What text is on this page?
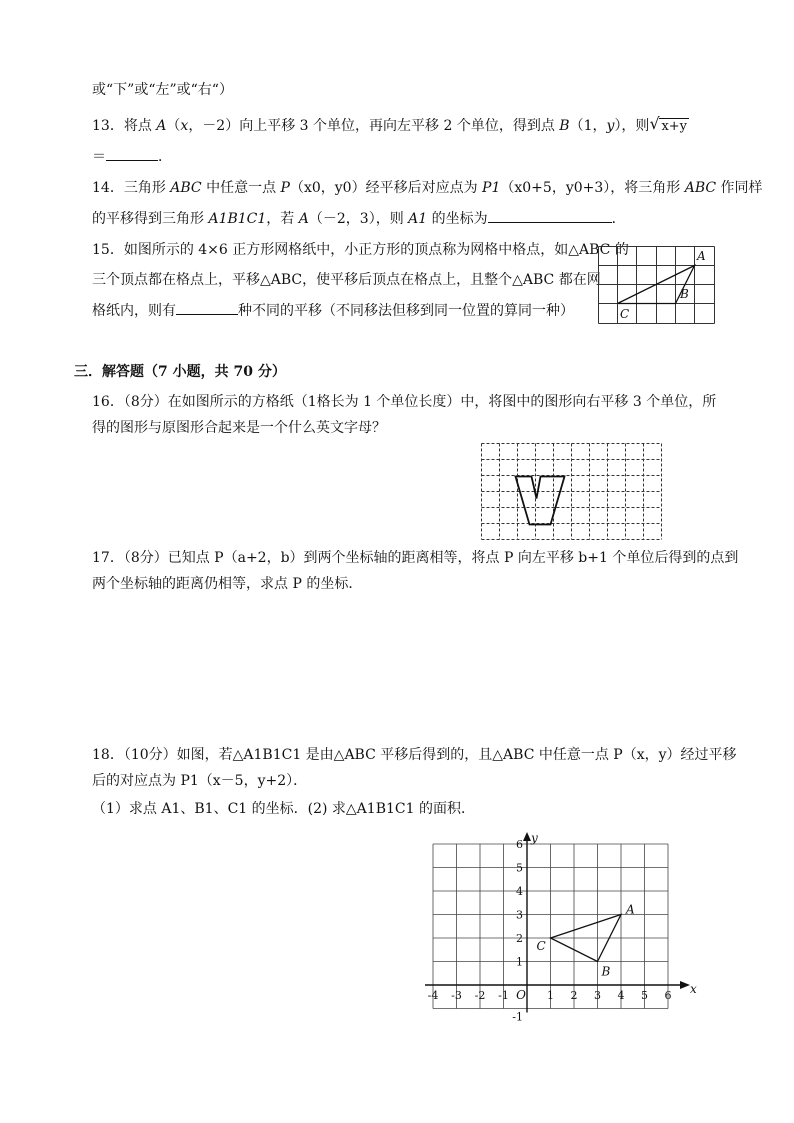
或“下”或“左”或“右“）
13．将点 A（x，－2）向上平移 3 个单位，再向左平移 2 个单位，得到点 B（1，y），则 √ x+y
＝	．
14．三角形 ABC 中任意一点 P（x0，y0）经平移后对应点为 P1（x0+5，y0+3），将三角形 ABC 作同样
的平移得到三角形 A1B1C1，若 A（－2，3），则 A1 的坐标为	．
15．如图所示的 4×6 正方形网格纸中，小正方形的顶点称为网格中格点，如△ABC 的
三个顶点都在格点上，平移△ABC，使平移后顶点在格点上，且整个△ABC 都在网
格纸内，则有	种不同的平移（不同移法但移到同一位置的算同一种）
A
B
C
三．解答题（7 小题，共 70 分）
16．（8分）在如图所示的方格纸（1格长为 1 个单位长度）中，将图中的图形向右平移 3 个单位，所
得的图形与原图形合起来是一个什么英文字母？
17．（8分）已知点 P（a+2，b）到两个坐标轴的距离相等，将点 P 向左平移 b+1 个单位后得到的点到
两个坐标轴的距离仍相等，求点 P 的坐标．
18．（10分）如图，若△A1B1C1 是由△ABC 平移后得到的，且△ABC 中任意一点 P（x，y）经过平移
后的对应点为 P1（x－5，y+2）．
（1）求点 A1、B1、C1 的坐标．(2) 求△A1B1C1 的面积．
x
y
O
-4 -3 -2 -1	1 2 3 4 5 6
-1
1
2
3
4
5
6
A
B
C
